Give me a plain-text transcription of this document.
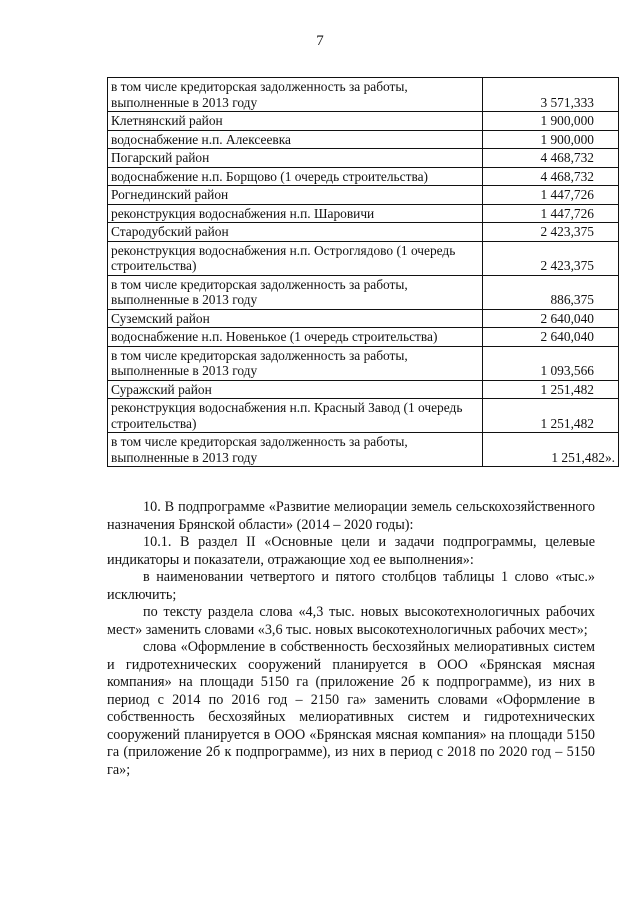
7
в том числе кредиторская задолженность за работы, выполненные в 2013 году	3 571,333
Клетнянский район	1 900,000
водоснабжение н.п. Алексеевка	1 900,000
Погарский район	4 468,732
водоснабжение н.п. Борщово (1 очередь строительства)	4 468,732
Рогнединский район	1 447,726
реконструкция водоснабжения н.п. Шаровичи	1 447,726
Стародубский район	2 423,375
реконструкция водоснабжения н.п. Остроглядово (1 очередь строительства)	2 423,375
в том числе кредиторская задолженность за работы, выполненные в 2013 году	886,375
Суземский район	2 640,040
водоснабжение н.п. Новенькое (1 очередь строительства)	2 640,040
в том числе кредиторская задолженность за работы, выполненные в 2013 году	1 093,566
Суражский район	1 251,482
реконструкция водоснабжения н.п. Красный Завод (1 очередь строительства)	1 251,482
в том числе кредиторская задолженность за работы, выполненные в 2013 году	1 251,482».

10. В подпрограмме «Развитие мелиорации земель сельскохозяйственного назначения Брянской области» (2014 – 2020 годы):

10.1. В раздел II «Основные цели и задачи подпрограммы, целевые индикаторы и показатели, отражающие ход ее выполнения»:

в наименовании четвертого и пятого столбцов таблицы 1 слово «тыс.» исключить;

по тексту раздела слова «4,3 тыс. новых высокотехнологичных рабочих мест» заменить словами «3,6 тыс. новых высокотехнологичных рабочих мест»;

слова «Оформление в собственность бесхозяйных мелиоративных систем и гидротехнических сооружений планируется в ООО «Брянская мясная компания» на площади 5150 га (приложение 2б к подпрограмме), из них в период с 2014 по 2016 год – 2150 га» заменить словами «Оформление в собственность бесхозяйных мелиоративных систем и гидротехнических сооружений планируется в ООО «Брянская мясная компания» на площади 5150 га (приложение 2б к подпрограмме), из них в период с 2018 по 2020 год – 5150 га»;
